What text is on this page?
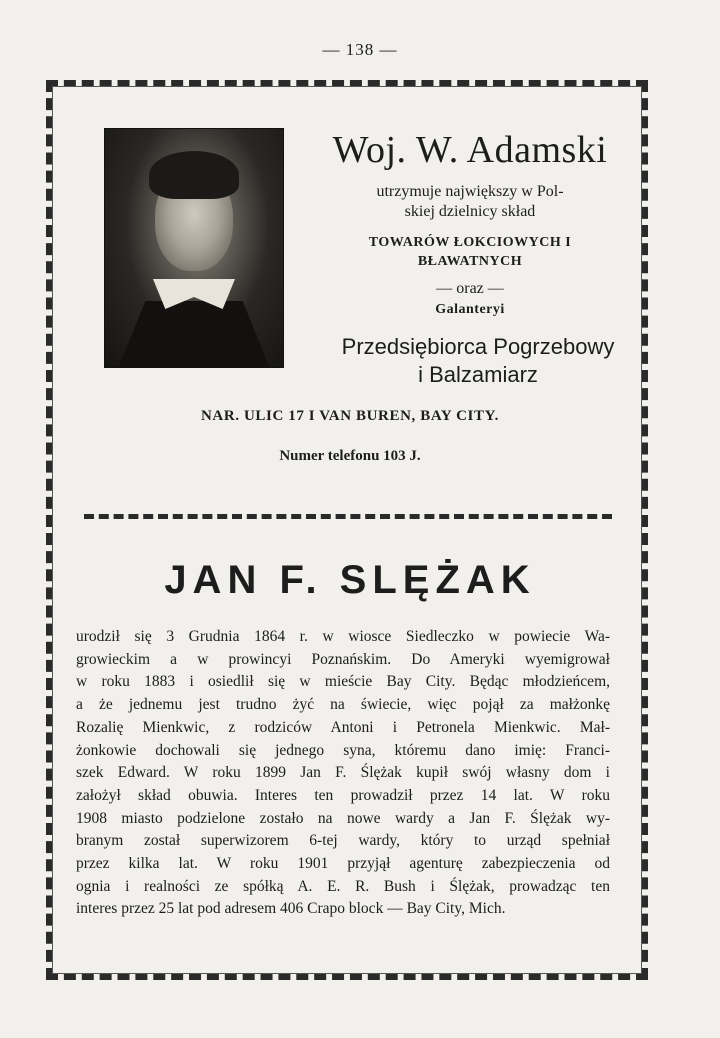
— 138 —
Woj. W. Adamski
utrzymuje największy w Pol-
skiej dzielnicy skład
TOWARÓW ŁOKCIOWYCH I
BŁAWATNYCH
— oraz —
Galanteryi
Przedsiębiorca Pogrzebowy
i Balzamiarz
NAR. ULIC 17 I VAN BUREN, BAY CITY.
Numer telefonu 103 J.
JAN F. SLĘŻAK
urodził się 3 Grudnia 1864 r. w wiosce Siedleczko w powiecie Wa-
growieckim a w prowincyi Poznańskim. Do Ameryki wyemigrował
w roku 1883 i osiedlił się w mieście Bay City. Będąc młodzieńcem,
a że jednemu jest trudno żyć na świecie, więc pojął za małżonkę
Rozalię Mienkwic, z rodziców Antoni i Petronela Mienkwic. Mał-
żonkowie dochowali się jednego syna, któremu dano imię: Franci-
szek Edward. W roku 1899 Jan F. Ślężak kupił swój własny dom i
założył skład obuwia. Interes ten prowadził przez 14 lat. W roku
1908 miasto podzielone zostało na nowe wardy a Jan F. Ślężak wy-
branym został superwizorem 6-tej wardy, który to urząd spełniał
przez kilka lat. W roku 1901 przyjął agenturę zabezpieczenia od
ognia i realności ze spółką A. E. R. Bush i Ślężak, prowadząc ten
interes przez 25 lat pod adresem 406 Crapo block — Bay City, Mich.
